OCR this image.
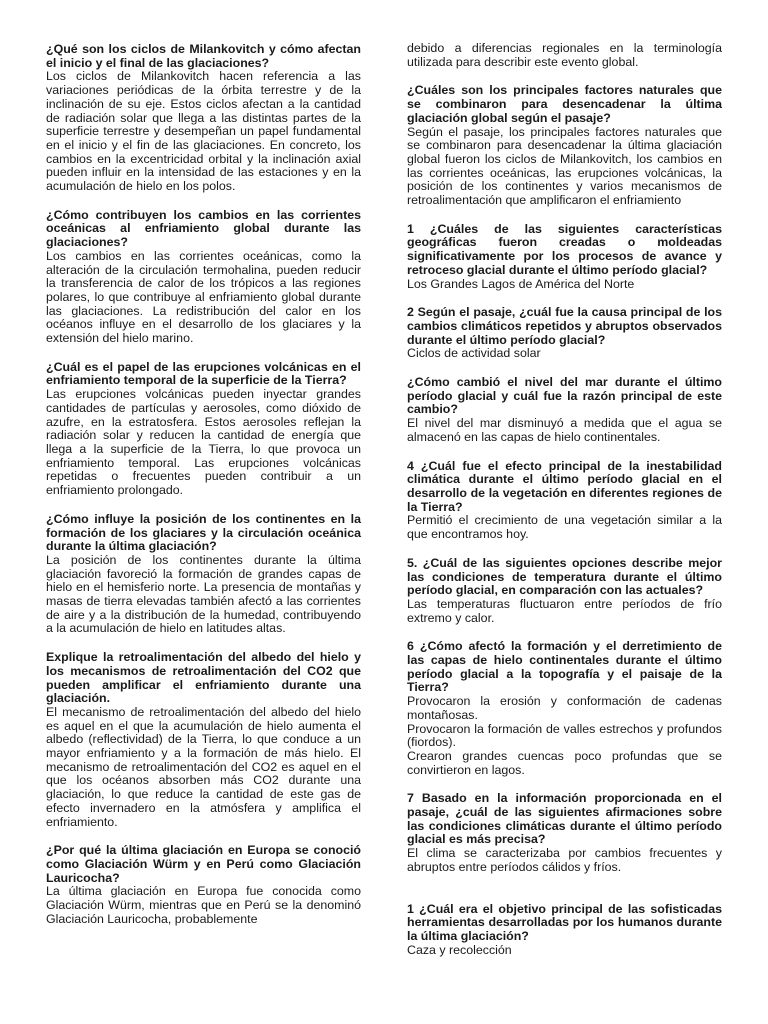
¿Qué son los ciclos de Milankovitch y cómo afectan el inicio y el final de las glaciaciones?

Los ciclos de Milankovitch hacen referencia a las variaciones periódicas de la órbita terrestre y de la inclinación de su eje. Estos ciclos afectan a la cantidad de radiación solar que llega a las distintas partes de la superficie terrestre y desempeñan un papel fundamental en el inicio y el fin de las glaciaciones. En concreto, los cambios en la excentricidad orbital y la inclinación axial pueden influir en la intensidad de las estaciones y en la acumulación de hielo en los polos.

¿Cómo contribuyen los cambios en las corrientes oceánicas al enfriamiento global durante las glaciaciones?

Los cambios en las corrientes oceánicas, como la alteración de la circulación termohalina, pueden reducir la transferencia de calor de los trópicos a las regiones polares, lo que contribuye al enfriamiento global durante las glaciaciones. La redistribución del calor en los océanos influye en el desarrollo de los glaciares y la extensión del hielo marino.

¿Cuál es el papel de las erupciones volcánicas en el enfriamiento temporal de la superficie de la Tierra?

Las erupciones volcánicas pueden inyectar grandes cantidades de partículas y aerosoles, como dióxido de azufre, en la estratosfera. Estos aerosoles reflejan la radiación solar y reducen la cantidad de energía que llega a la superficie de la Tierra, lo que provoca un enfriamiento temporal. Las erupciones volcánicas repetidas o frecuentes pueden contribuir a un enfriamiento prolongado.

¿Cómo influye la posición de los continentes en la formación de los glaciares y la circulación oceánica durante la última glaciación?

La posición de los continentes durante la última glaciación favoreció la formación de grandes capas de hielo en el hemisferio norte. La presencia de montañas y masas de tierra elevadas también afectó a las corrientes de aire y a la distribución de la humedad, contribuyendo a la acumulación de hielo en latitudes altas.

Explique la retroalimentación del albedo del hielo y los mecanismos de retroalimentación del CO2 que pueden amplificar el enfriamiento durante una glaciación.

El mecanismo de retroalimentación del albedo del hielo es aquel en el que la acumulación de hielo aumenta el albedo (reflectividad) de la Tierra, lo que conduce a un mayor enfriamiento y a la formación de más hielo. El mecanismo de retroalimentación del CO2 es aquel en el que los océanos absorben más CO2 durante una glaciación, lo que reduce la cantidad de este gas de efecto invernadero en la atmósfera y amplifica el enfriamiento.

¿Por qué la última glaciación en Europa se conoció como Glaciación Würm y en Perú como Glaciación Lauricocha?

La última glaciación en Europa fue conocida como Glaciación Würm, mientras que en Perú se la denominó Glaciación Lauricocha, probablemente

debido a diferencias regionales en la terminología utilizada para describir este evento global.

¿Cuáles son los principales factores naturales que se combinaron para desencadenar la última glaciación global según el pasaje?

Según el pasaje, los principales factores naturales que se combinaron para desencadenar la última glaciación global fueron los ciclos de Milankovitch, los cambios en las corrientes oceánicas, las erupciones volcánicas, la posición de los continentes y varios mecanismos de retroalimentación que amplificaron el enfriamiento

1 ¿Cuáles de las siguientes características geográficas fueron creadas o moldeadas significativamente por los procesos de avance y retroceso glacial durante el último período glacial?

Los Grandes Lagos de América del Norte

2 Según el pasaje, ¿cuál fue la causa principal de los cambios climáticos repetidos y abruptos observados durante el último período glacial?

Ciclos de actividad solar

¿Cómo cambió el nivel del mar durante el último período glacial y cuál fue la razón principal de este cambio?

El nivel del mar disminuyó a medida que el agua se almacenó en las capas de hielo continentales.

4 ¿Cuál fue el efecto principal de la inestabilidad climática durante el último período glacial en el desarrollo de la vegetación en diferentes regiones de la Tierra?

Permitió el crecimiento de una vegetación similar a la que encontramos hoy.

5. ¿Cuál de las siguientes opciones describe mejor las condiciones de temperatura durante el último período glacial, en comparación con las actuales?

Las temperaturas fluctuaron entre períodos de frío extremo y calor.

6 ¿Cómo afectó la formación y el derretimiento de las capas de hielo continentales durante el último período glacial a la topografía y el paisaje de la Tierra?

Provocaron la erosión y conformación de cadenas montañosas.

Provocaron la formación de valles estrechos y profundos (fiordos).

Crearon grandes cuencas poco profundas que se convirtieron en lagos.

7 Basado en la información proporcionada en el pasaje, ¿cuál de las siguientes afirmaciones sobre las condiciones climáticas durante el último período glacial es más precisa?

El clima se caracterizaba por cambios frecuentes y abruptos entre períodos cálidos y fríos.

1 ¿Cuál era el objetivo principal de las sofisticadas herramientas desarrolladas por los humanos durante la última glaciación?

Caza y recolección
